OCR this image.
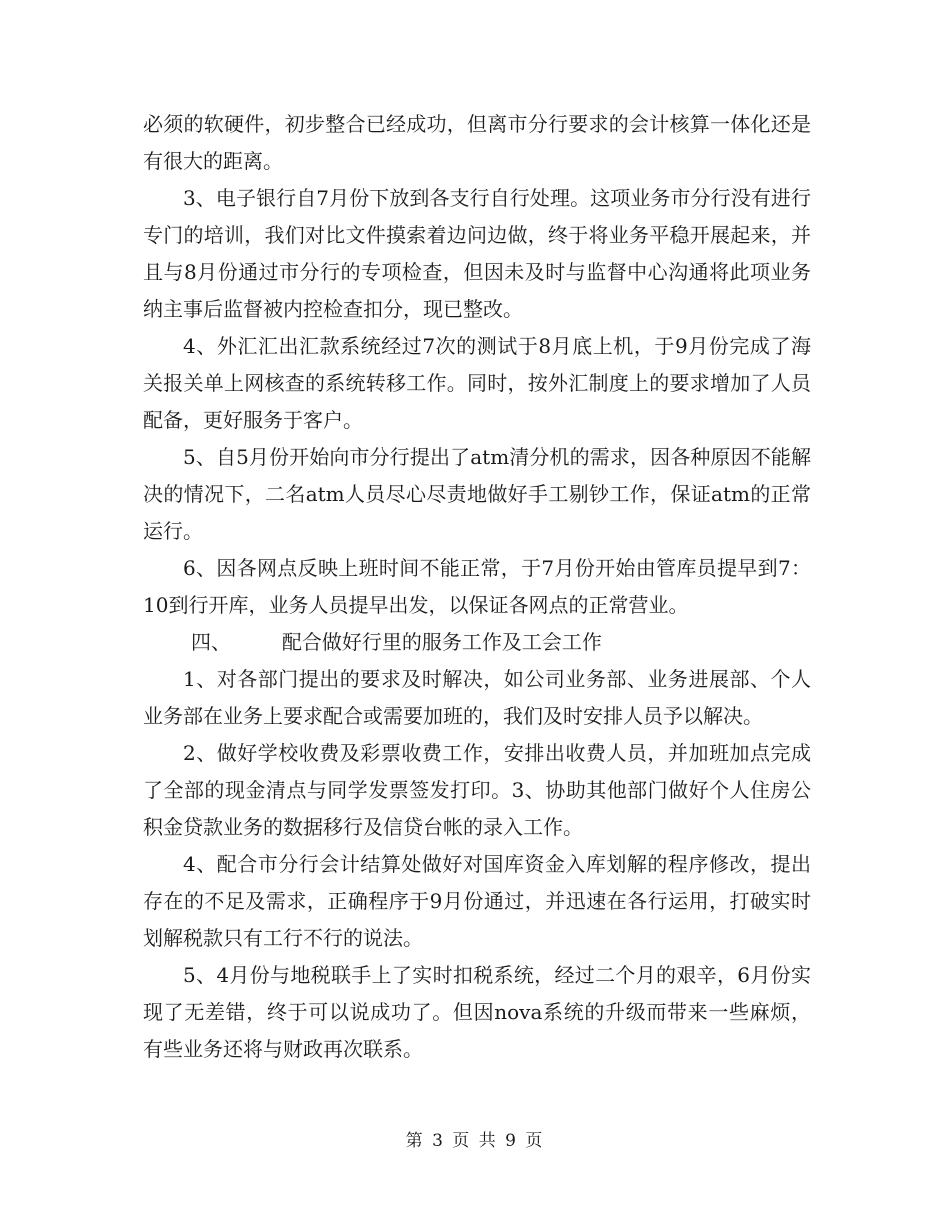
必须的软硬件，初步整合已经成功，但离市分行要求的会计核算一体化还是有很大的距离。

3、电子银行自7月份下放到各支行自行处理。这项业务市分行没有进行专门的培训，我们对比文件摸索着边问边做，终于将业务平稳开展起来，并且与8月份通过市分行的专项检查，但因未及时与监督中心沟通将此项业务纳主事后监督被内控检查扣分，现已整改。

4、外汇汇出汇款系统经过7次的测试于8月底上机，于9月份完成了海关报关单上网核查的系统转移工作。同时，按外汇制度上的要求增加了人员配备，更好服务于客户。

5、自5月份开始向市分行提出了atm清分机的需求，因各种原因不能解决的情况下，二名atm人员尽心尽责地做好手工剔钞工作，保证atm的正常运行。

6、因各网点反映上班时间不能正常，于7月份开始由管库员提早到7：10到行开库，业务人员提早出发，以保证各网点的正常营业。

四、        配合做好行里的服务工作及工会工作

1、对各部门提出的要求及时解决，如公司业务部、业务进展部、个人业务部在业务上要求配合或需要加班的，我们及时安排人员予以解决。

2、做好学校收费及彩票收费工作，安排出收费人员，并加班加点完成了全部的现金清点与同学发票签发打印。3、协助其他部门做好个人住房公积金贷款业务的数据移行及信贷台帐的录入工作。

4、配合市分行会计结算处做好对国库资金入库划解的程序修改，提出存在的不足及需求，正确程序于9月份通过，并迅速在各行运用，打破实时划解税款只有工行不行的说法。

5、4月份与地税联手上了实时扣税系统，经过二个月的艰辛，6月份实现了无差错，终于可以说成功了。但因nova系统的升级而带来一些麻烦，有些业务还将与财政再次联系。

第 3 页 共 9 页
